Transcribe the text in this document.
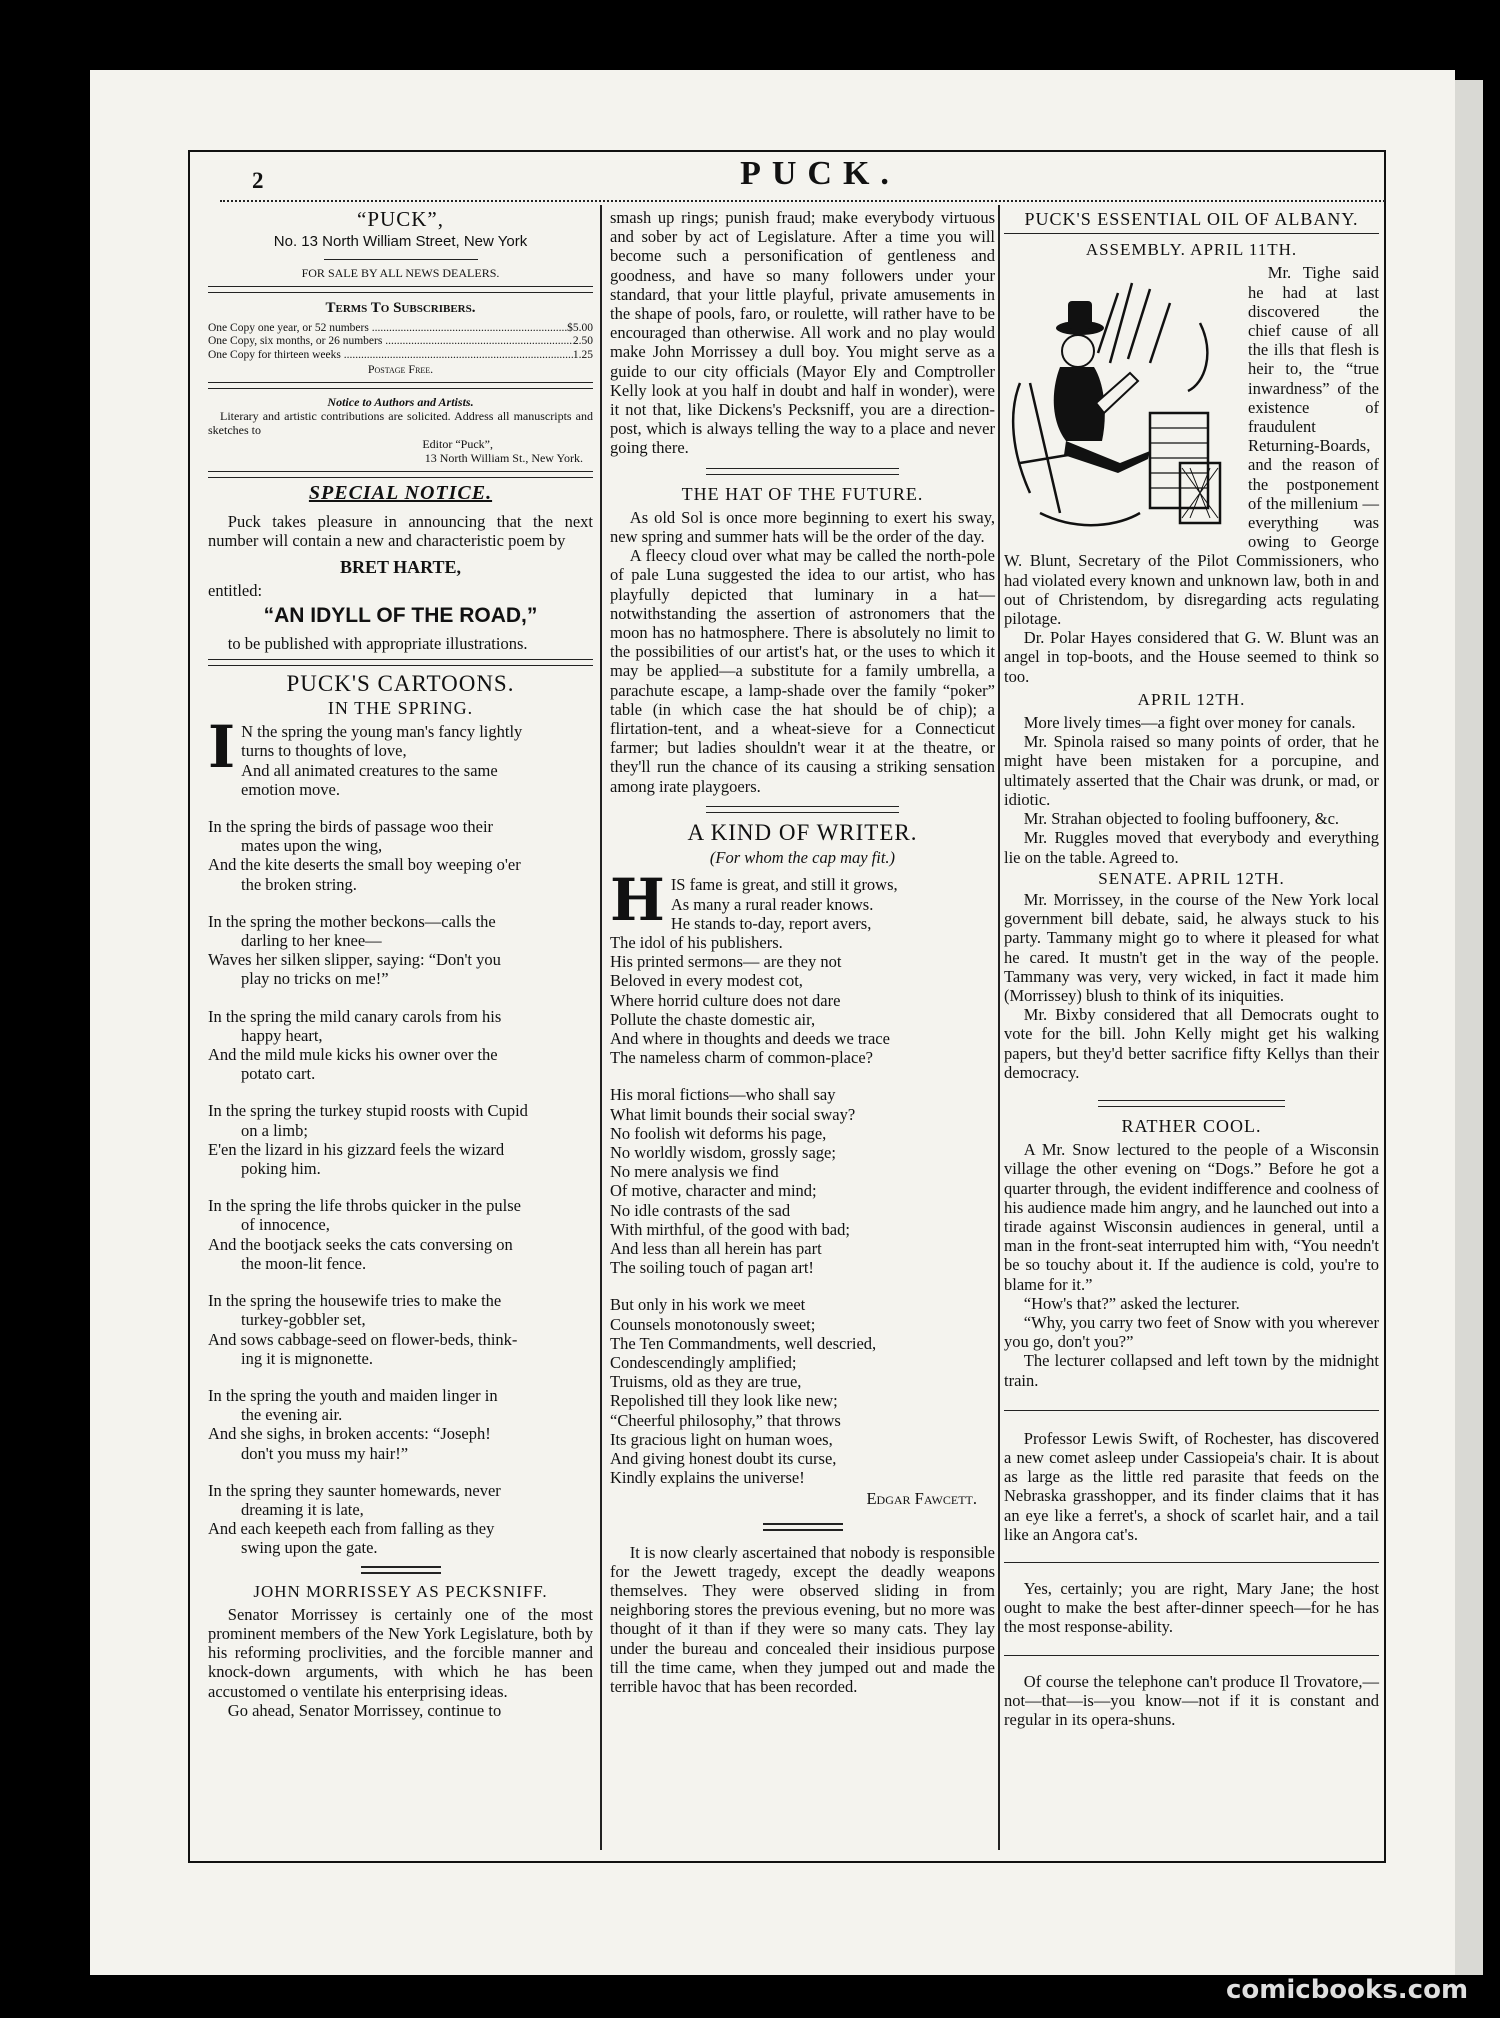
2	PUCK.

“PUCK”,

No. 13 North William Street, New York

FOR SALE BY ALL NEWS DEALERS.

Terms To Subscribers.

One Copy one year, or 52 numbers .....	$5.00
One Copy, six months, or 26 numbers .....	2.50
One Copy for thirteen weeks .....	1.25

Postage Free.

Notice to Authors and Artists.

Literary and artistic contributions are solicited. Address all manuscripts and sketches to

Editor “Puck”,

13 North William St., New York.

SPECIAL NOTICE.

Puck takes pleasure in announcing that the next number will contain a new and characteristic poem by

BRET HARTE,

entitled:

“AN IDYLL OF THE ROAD,”

to be published with appropriate illustrations.

PUCK'S CARTOONS.

IN THE SPRING.

I N the spring the young man's fancy lightly

turns to thoughts of love,

And all animated creatures to the same

emotion move.

In the spring the birds of passage woo their

mates upon the wing,

And the kite deserts the small boy weeping o'er

the broken string.

In the spring the mother beckons—calls the

darling to her knee—

Waves her silken slipper, saying: “Don't you

play no tricks on me!”

In the spring the mild canary carols from his

happy heart,

And the mild mule kicks his owner over the

potato cart.

In the spring the turkey stupid roosts with Cupid

on a limb;

E'en the lizard in his gizzard feels the wizard

poking him.

In the spring the life throbs quicker in the pulse

of innocence,

And the bootjack seeks the cats conversing on

the moon-lit fence.

In the spring the housewife tries to make the

turkey-gobbler set,

And sows cabbage-seed on flower-beds, think-

ing it is mignonette.

In the spring the youth and maiden linger in

the evening air.

And she sighs, in broken accents: “Joseph!

don't you muss my hair!”

In the spring they saunter homewards, never

dreaming it is late,

And each keepeth each from falling as they

swing upon the gate.

JOHN MORRISSEY AS PECKSNIFF.

Senator Morrissey is certainly one of the most prominent members of the New York Legislature, both by his reforming proclivities, and the forcible manner and knock-down arguments, with which he has been accustomed o ventilate his enterprising ideas.

Go ahead, Senator Morrissey, continue to

smash up rings; punish fraud; make everybody virtuous and sober by act of Legislature. After a time you will become such a personification of gentleness and goodness, and have so many followers under your standard, that your little playful, private amusements in the shape of pools, faro, or roulette, will rather have to be encouraged than otherwise. All work and no play would make John Morrissey a dull boy. You might serve as a guide to our city officials (Mayor Ely and Comptroller Kelly look at you half in doubt and half in wonder), were it not that, like Dickens's Pecksniff, you are a direction-post, which is always telling the way to a place and never going there.

THE HAT OF THE FUTURE.

As old Sol is once more beginning to exert his sway, new spring and summer hats will be the order of the day.

A fleecy cloud over what may be called the north-pole of pale Luna suggested the idea to our artist, who has playfully depicted that luminary in a hat—notwithstanding the assertion of astronomers that the moon has no hatmosphere. There is absolutely no limit to the possibilities of our artist's hat, or the uses to which it may be applied—a substitute for a family umbrella, a parachute escape, a lamp-shade over the family “poker” table (in which case the hat should be of chip); a flirtation-tent, and a wheat-sieve for a Connecticut farmer; but ladies shouldn't wear it at the theatre, or they'll run the chance of its causing a striking sensation among irate playgoers.

A KIND OF WRITER.

(For whom the cap may fit.)

H IS fame is great, and still it grows,

As many a rural reader knows.

He stands to-day, report avers,

The idol of his publishers.

His printed sermons— are they not

Beloved in every modest cot,

Where horrid culture does not dare

Pollute the chaste domestic air,

And where in thoughts and deeds we trace

The nameless charm of common-place?

His moral fictions—who shall say

What limit bounds their social sway?

No foolish wit deforms his page,

No worldly wisdom, grossly sage;

No mere analysis we find

Of motive, character and mind;

No idle contrasts of the sad

With mirthful, of the good with bad;

And less than all herein has part

The soiling touch of pagan art!

But only in his work we meet

Counsels monotonously sweet;

The Ten Commandments, well descried,

Condescendingly amplified;

Truisms, old as they are true,

Repolished till they look like new;

“Cheerful philosophy,” that throws

Its gracious light on human woes,

And giving honest doubt its curse,

Kindly explains the universe!

Edgar Fawcett.

It is now clearly ascertained that nobody is responsible for the Jewett tragedy, except the deadly weapons themselves. They were observed sliding in from neighboring stores the previous evening, but no more was thought of it than if they were so many cats. They lay under the bureau and concealed their insidious purpose till the time came, when they jumped out and made the terrible havoc that has been recorded.

PUCK'S ESSENTIAL OIL OF ALBANY.

ASSEMBLY. APRIL 11TH.

Mr. Tighe said he had at last discovered the chief cause of all the ills that flesh is heir to, the “true inwardness” of the existence of fraudulent Returning-Boards, and the reason of the postponement of the millenium — everything was owing to George W. Blunt, Secretary of the Pilot Commissioners, who had violated every known and unknown law, both in and out of Christendom, by disregarding acts regulating pilotage.

Dr. Polar Hayes considered that G. W. Blunt was an angel in top-boots, and the House seemed to think so too.

APRIL 12TH.

More lively times—a fight over money for canals.

Mr. Spinola raised so many points of order, that he might have been mistaken for a porcupine, and ultimately asserted that the Chair was drunk, or mad, or idiotic.

Mr. Strahan objected to fooling buffoonery, &c.

Mr. Ruggles moved that everybody and everything lie on the table. Agreed to.

SENATE. APRIL 12TH.

Mr. Morrissey, in the course of the New York local government bill debate, said, he always stuck to his party. Tammany might go to where it pleased for what he cared. It mustn't get in the way of the people. Tammany was very, very wicked, in fact it made him (Morrissey) blush to think of its iniquities.

Mr. Bixby considered that all Democrats ought to vote for the bill. John Kelly might get his walking papers, but they'd better sacrifice fifty Kellys than their democracy.

RATHER COOL.

A Mr. Snow lectured to the people of a Wisconsin village the other evening on “Dogs.” Before he got a quarter through, the evident indifference and coolness of his audience made him angry, and he launched out into a tirade against Wisconsin audiences in general, until a man in the front-seat interrupted him with, “You needn't be so touchy about it. If the audience is cold, you're to blame for it.”

“How's that?” asked the lecturer.

“Why, you carry two feet of Snow with you wherever you go, don't you?”

The lecturer collapsed and left town by the midnight train.

Professor Lewis Swift, of Rochester, has discovered a new comet asleep under Cassiopeia's chair. It is about as large as the little red parasite that feeds on the Nebraska grasshopper, and its finder claims that it has an eye like a ferret's, a shock of scarlet hair, and a tail like an Angora cat's.

Yes, certainly; you are right, Mary Jane; the host ought to make the best after-dinner speech—for he has the most response-ability.

Of course the telephone can't produce Il Trovatore,—not—that—is—you know—not if it is constant and regular in its opera-shuns.

comicbooks.com
